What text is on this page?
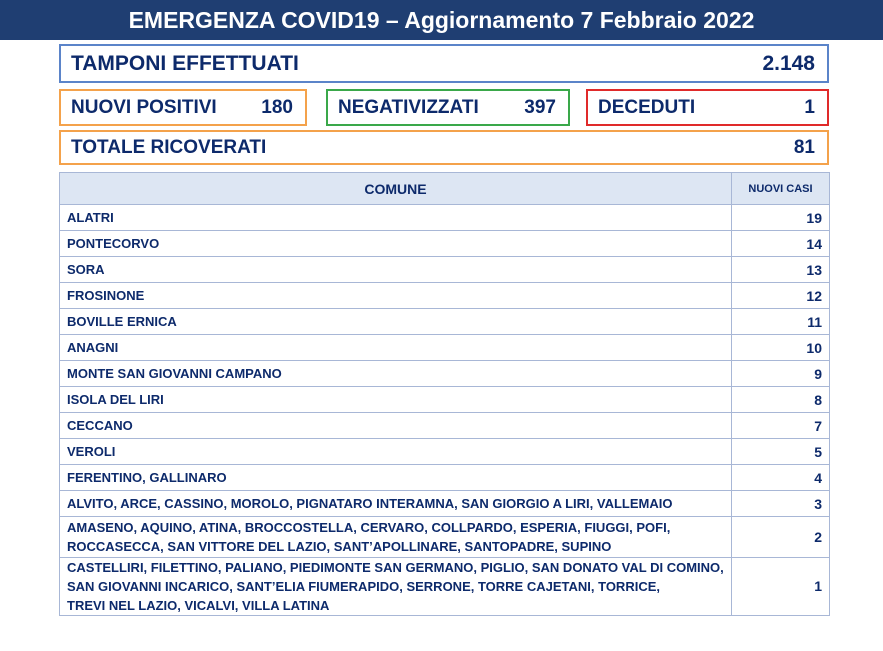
EMERGENZA COVID19 – Aggiornamento 7 Febbraio 2022
TAMPONI EFFETTUATI	2.148
NUOVI POSITIVI 180 NEGATIVIZZATI 397 DECEDUTI	1
TOTALE RICOVERATI	81
COMUNE	NUOVI CASI
ALATRI	19
PONTECORVO	14
SORA	13
FROSINONE	12
BOVILLE ERNICA	11
ANAGNI	10
MONTE SAN GIOVANNI CAMPANO	9
ISOLA DEL LIRI	8
CECCANO	7
VEROLI	5
FERENTINO, GALLINARO	4
ALVITO, ARCE, CASSINO, MOROLO, PIGNATARO INTERAMNA, SAN GIORGIO A LIRI, VALLEMAIO	3

AMASENO, AQUINO, ATINA, BROCCOSTELLA, CERVARO, COLLPARDO, ESPERIA, FIUGGI, POFI,
ROCCASECCA, SAN VITTORE DEL LAZIO, SANT’APOLLINARE, SANTOPADRE, SUPINO	2

CASTELLIRI, FILETTINO, PALIANO, PIEDIMONTE SAN GERMANO, PIGLIO, SAN DONATO VAL DI COMINO,
SAN GIOVANNI INCARICO, SANT’ELIA FIUMERAPIDO, SERRONE, TORRE CAJETANI, TORRICE,
TREVI NEL LAZIO, VICALVI, VILLA LATINA	1
